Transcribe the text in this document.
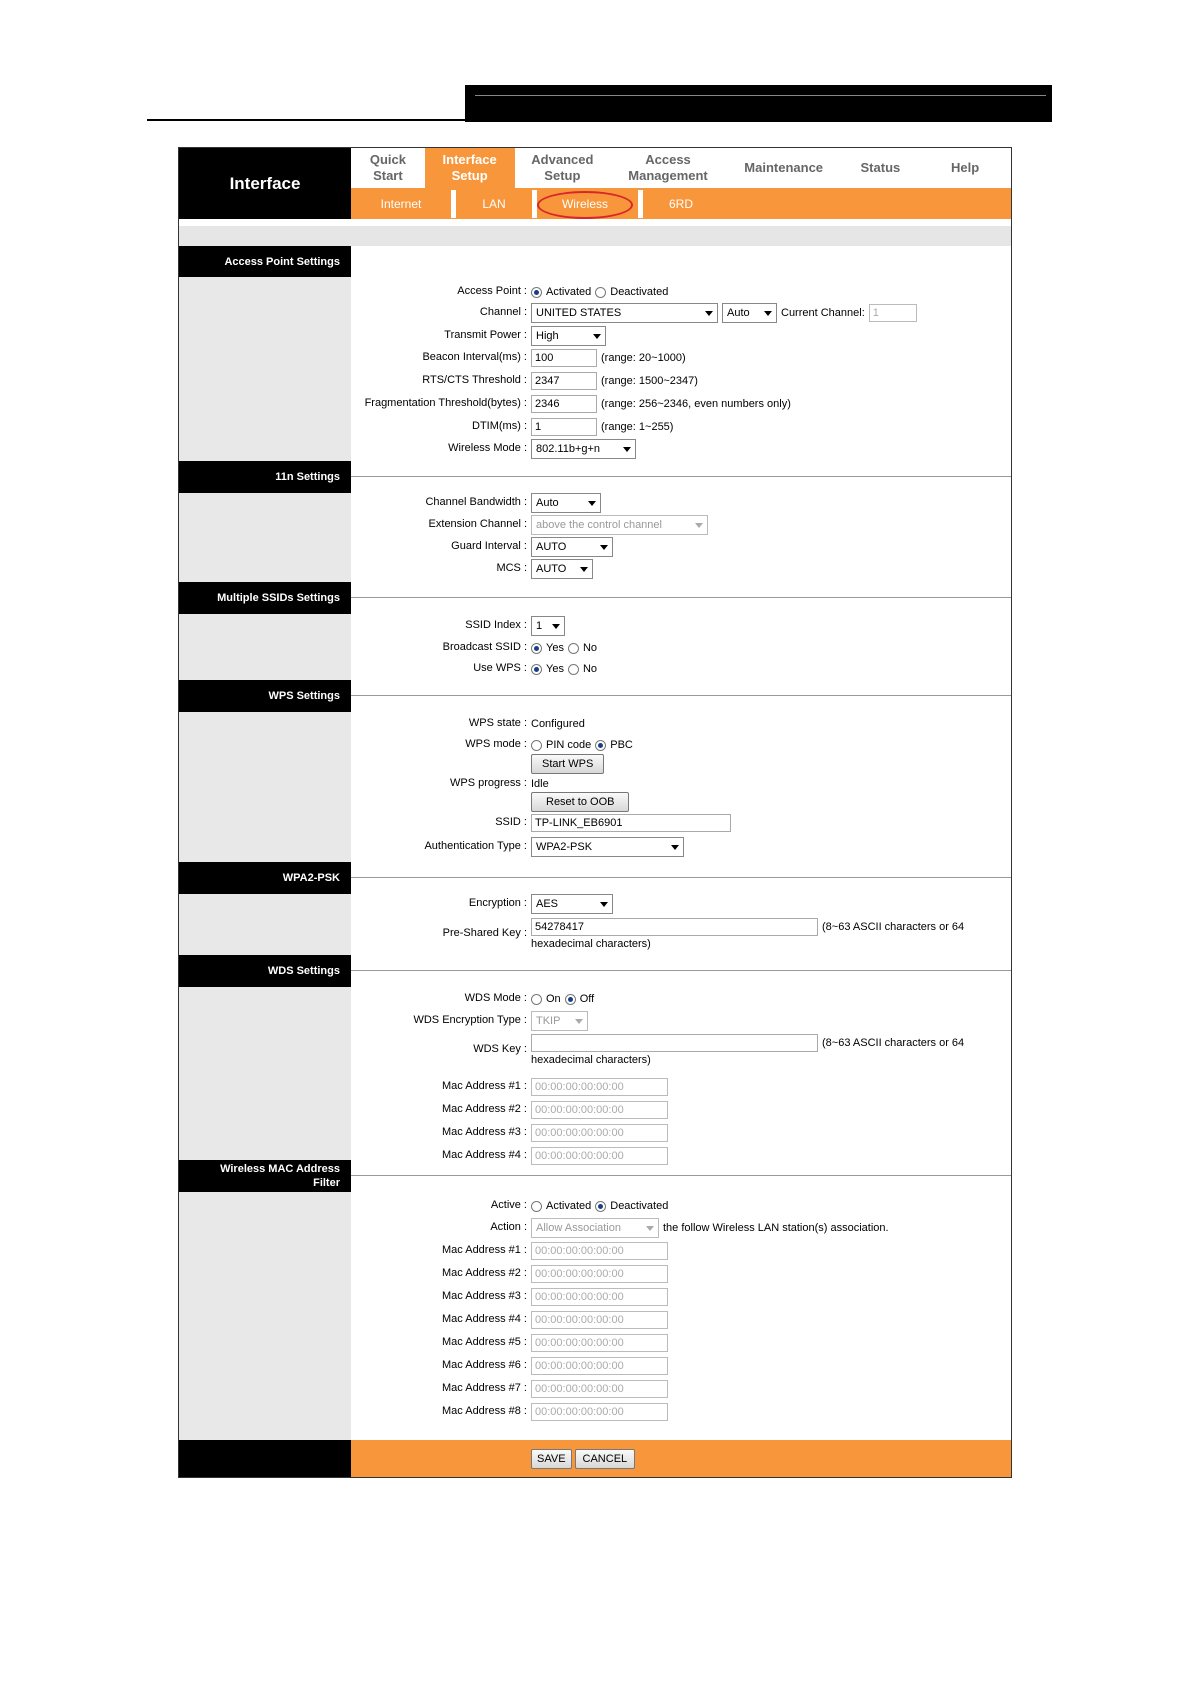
Interface
Quick
Start
Interface
Setup
Advanced
Setup
Access
Management
Maintenance	Status	Help
Internet	LAN	Wireless	6RD
Access Point Settings
Access Point : Activated Deactivated
Channel : UNITED STATES	Auto	Current Channel: 1
Transmit Power : High
Beacon Interval(ms) : 100	(range: 20~1000)
RTS/CTS Threshold : 2347	(range: 1500~2347)
Fragmentation Threshold(bytes) : 2346	(range: 256~2346, even numbers only)
DTIM(ms) : 1	(range: 1~255)
Wireless Mode : 802.11b+g+n
11n Settings
Channel Bandwidth : Auto
Extension Channel : above the control channel
Guard Interval : AUTO
MCS : AUTO
Multiple SSIDs Settings
SSID Index : 1
Broadcast SSID : Yes No
Use WPS : Yes No
WPS Settings
WPS state : Configured
WPS mode : PIN code PBC
Start WPS
WPS progress : Idle
Reset to OOB
SSID : TP-LINK_EB6901
Authentication Type : WPA2-PSK
WPA2-PSK
Encryption : AES
Pre-Shared Key : 54278417	(8~63 ASCII characters or 64
hexadecimal characters)
WDS Settings
WDS Mode : On Off
WDS Encryption Type : TKIP
WDS Key :	(8~63 ASCII characters or 64
hexadecimal characters)
Mac Address #1 : 00:00:00:00:00:00
Mac Address #2 : 00:00:00:00:00:00
Mac Address #3 : 00:00:00:00:00:00
Mac Address #4 : 00:00:00:00:00:00
Wireless MAC Address
Filter
Active : Activated Deactivated
Action : Allow Association	the follow Wireless LAN station(s) association.
Mac Address #1 : 00:00:00:00:00:00
Mac Address #2 : 00:00:00:00:00:00
Mac Address #3 : 00:00:00:00:00:00
Mac Address #4 : 00:00:00:00:00:00
Mac Address #5 : 00:00:00:00:00:00
Mac Address #6 : 00:00:00:00:00:00
Mac Address #7 : 00:00:00:00:00:00
Mac Address #8 : 00:00:00:00:00:00
SAVE	CANCEL
